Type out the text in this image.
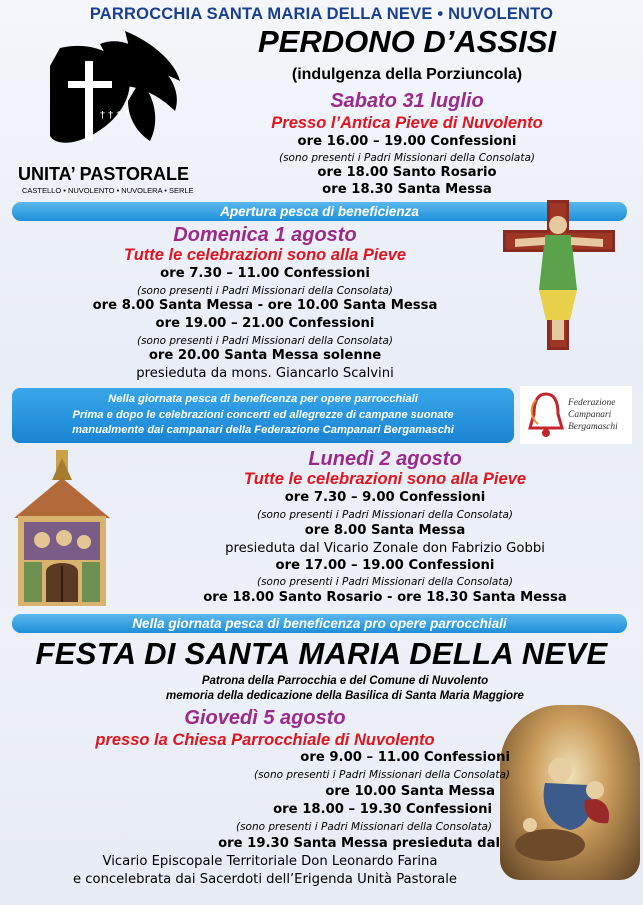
PARROCCHIA SANTA MARIA DELLA NEVE • NUVOLENTO
† † † †
UNITA’ PASTORALE
CASTELLO • NUVOLENTO • NUVOLERA • SERLE
PERDONO D’ASSISI
(indulgenza della Porziuncola)
Sabato 31 luglio
Presso l’Antica Pieve di Nuvolento
ore 16.00 – 19.00 Confessioni
(sono presenti i Padri Missionari della Consolata)
ore 18.00 Santo Rosario
ore 18.30 Santa Messa
Apertura pesca di beneficienza
Domenica 1 agosto
Tutte le celebrazioni sono alla Pieve
ore 7.30 – 11.00 Confessioni
(sono presenti i Padri Missionari della Consolata)
ore 8.00 Santa Messa - ore 10.00 Santa Messa
ore 19.00 – 21.00 Confessioni
(sono presenti i Padri Missionari della Consolata)
ore 20.00 Santa Messa solenne
presieduta da mons. Giancarlo Scalvini
Nella giornata pesca di beneficenza per opere parrocchiali
Prima e dopo le celebrazioni concerti ed allegrezze di campane suonate
manualmente dai campanari della Federazione Campanari Bergamaschi
Federazione
Campanari
Bergamaschi
Lunedì 2 agosto
Tutte le celebrazioni sono alla Pieve
ore 7.30 – 9.00 Confessioni
(sono presenti i Padri Missionari della Consolata)
ore 8.00 Santa Messa
presieduta dal Vicario Zonale don Fabrizio Gobbi
ore 17.00 – 19.00 Confessioni
(sono presenti i Padri Missionari della Consolata)
ore 18.00 Santo Rosario - ore 18.30 Santa Messa
Nella giornata pesca di beneficenza pro opere parrocchiali
FESTA DI SANTA MARIA DELLA NEVE
Patrona della Parrocchia e del Comune di Nuvolento
memoria della dedicazione della Basilica di Santa Maria Maggiore
Giovedì 5 agosto
presso la Chiesa Parrocchiale di Nuvolento
ore 9.00 – 11.00 Confessioni
(sono presenti i Padri Missionari della Consolata)
ore 10.00 Santa Messa
ore 18.00 – 19.30 Confessioni
(sono presenti i Padri Missionari della Consolata)
ore 19.30 Santa Messa presieduta dal
Vicario Episcopale Territoriale Don Leonardo Farina
e concelebrata dai Sacerdoti dell’Erigenda Unità Pastorale
